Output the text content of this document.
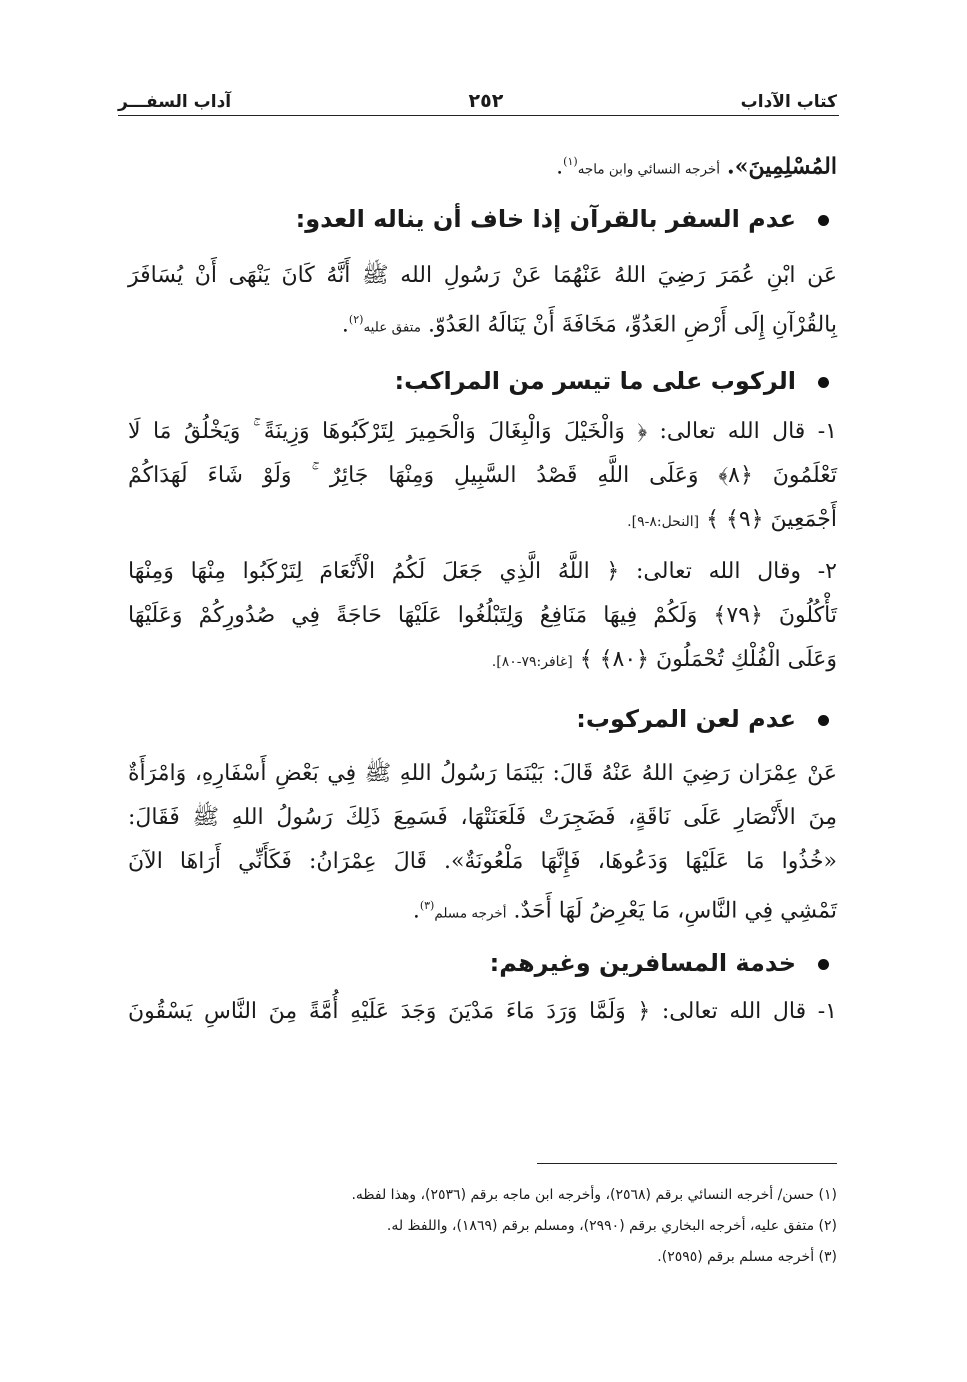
كتاب الآداب
٢٥٢
آداب السفـــر
المُسْلِمِينَ». أخرجه النسائي وابن ماجه$^{(١)}$.
عدم السفر بالقرآن إذا خاف أن يناله العدو:
عَن ابْنِ عُمَرَ رَضِيَ اللهُ عَنْهُمَا عَنْ رَسُولِ الله ﷺ أَنَّهُ كَانَ يَنْهَى أَنْ يُسَافَرَ
بِالقُرْآنِ إِلَى أَرْضِ العَدُوِّ، مَخَافَةَ أَنْ يَنَالَهُ العَدُوّ. متفق عليه$^{(٢)}$.
الركوب على ما تيسر من المراكب:
١- قال الله تعالى: ﴿ وَالْخَيْلَ وَالْبِغَالَ وَالْحَمِيرَ لِتَرْكَبُوهَا وَزِينَةً ۚ وَيَخْلُقُ مَا لَا
تَعْلَمُونَ ﴿٨﴾ وَعَلَى اللَّهِ قَصْدُ السَّبِيلِ وَمِنْهَا جَائِرٌ ۚ وَلَوْ شَاءَ لَهَدَاكُمْ
أَجْمَعِينَ ﴿٩﴾ ﴾ [النحل:٨-٩].
٢- وقال الله تعالى: ﴿ اللَّهُ الَّذِي جَعَلَ لَكُمُ الْأَنْعَامَ لِتَرْكَبُوا مِنْهَا وَمِنْهَا
تَأْكُلُونَ ﴿٧٩﴾ وَلَكُمْ فِيهَا مَنَافِعُ وَلِتَبْلُغُوا عَلَيْهَا حَاجَةً فِي صُدُورِكُمْ وَعَلَيْهَا
وَعَلَى الْفُلْكِ تُحْمَلُونَ ﴿٨٠﴾ ﴾ [غافر:٧٩-٨٠].
عدم لعن المركوب:
عَنْ عِمْرَان رَضِيَ اللهُ عَنْهُ قَالَ: بَيْنَمَا رَسُولُ اللهِ ﷺ فِي بَعْضِ أَسْفَارِهِ، وَامْرَأَةٌ
مِنَ الأَنْصَارِ عَلَى نَاقَةٍ، فَضَجِرَتْ فَلَعَنَتْهَا، فَسَمِعَ ذَلِكَ رَسُولُ اللهِ ﷺ فَقَالَ:
«خُذُوا مَا عَلَيْهَا وَدَعُوهَا، فَإِنَّهَا مَلْعُونَةٌ». قَالَ عِمْرَانُ: فَكَأَنِّي أَرَاهَا الآنَ
تَمْشِي فِي النَّاسِ، مَا يَعْرِضُ لَهَا أَحَدٌ. أخرجه مسلم$^{(٣)}$.
خدمة المسافرين وغيرهم:
١- قال الله تعالى: ﴿ وَلَمَّا وَرَدَ مَاءَ مَدْيَنَ وَجَدَ عَلَيْهِ أُمَّةً مِنَ النَّاسِ يَسْقُونَ
(١) حسن/ أخرجه النسائي برقم (٢٥٦٨)، وأخرجه ابن ماجه برقم (٢٥٣٦)، وهذا لفظه.
(٢) متفق عليه، أخرجه البخاري برقم (٢٩٩٠)، ومسلم برقم (١٨٦٩)، واللفظ له.
(٣) أخرجه مسلم برقم (٢٥٩٥).
